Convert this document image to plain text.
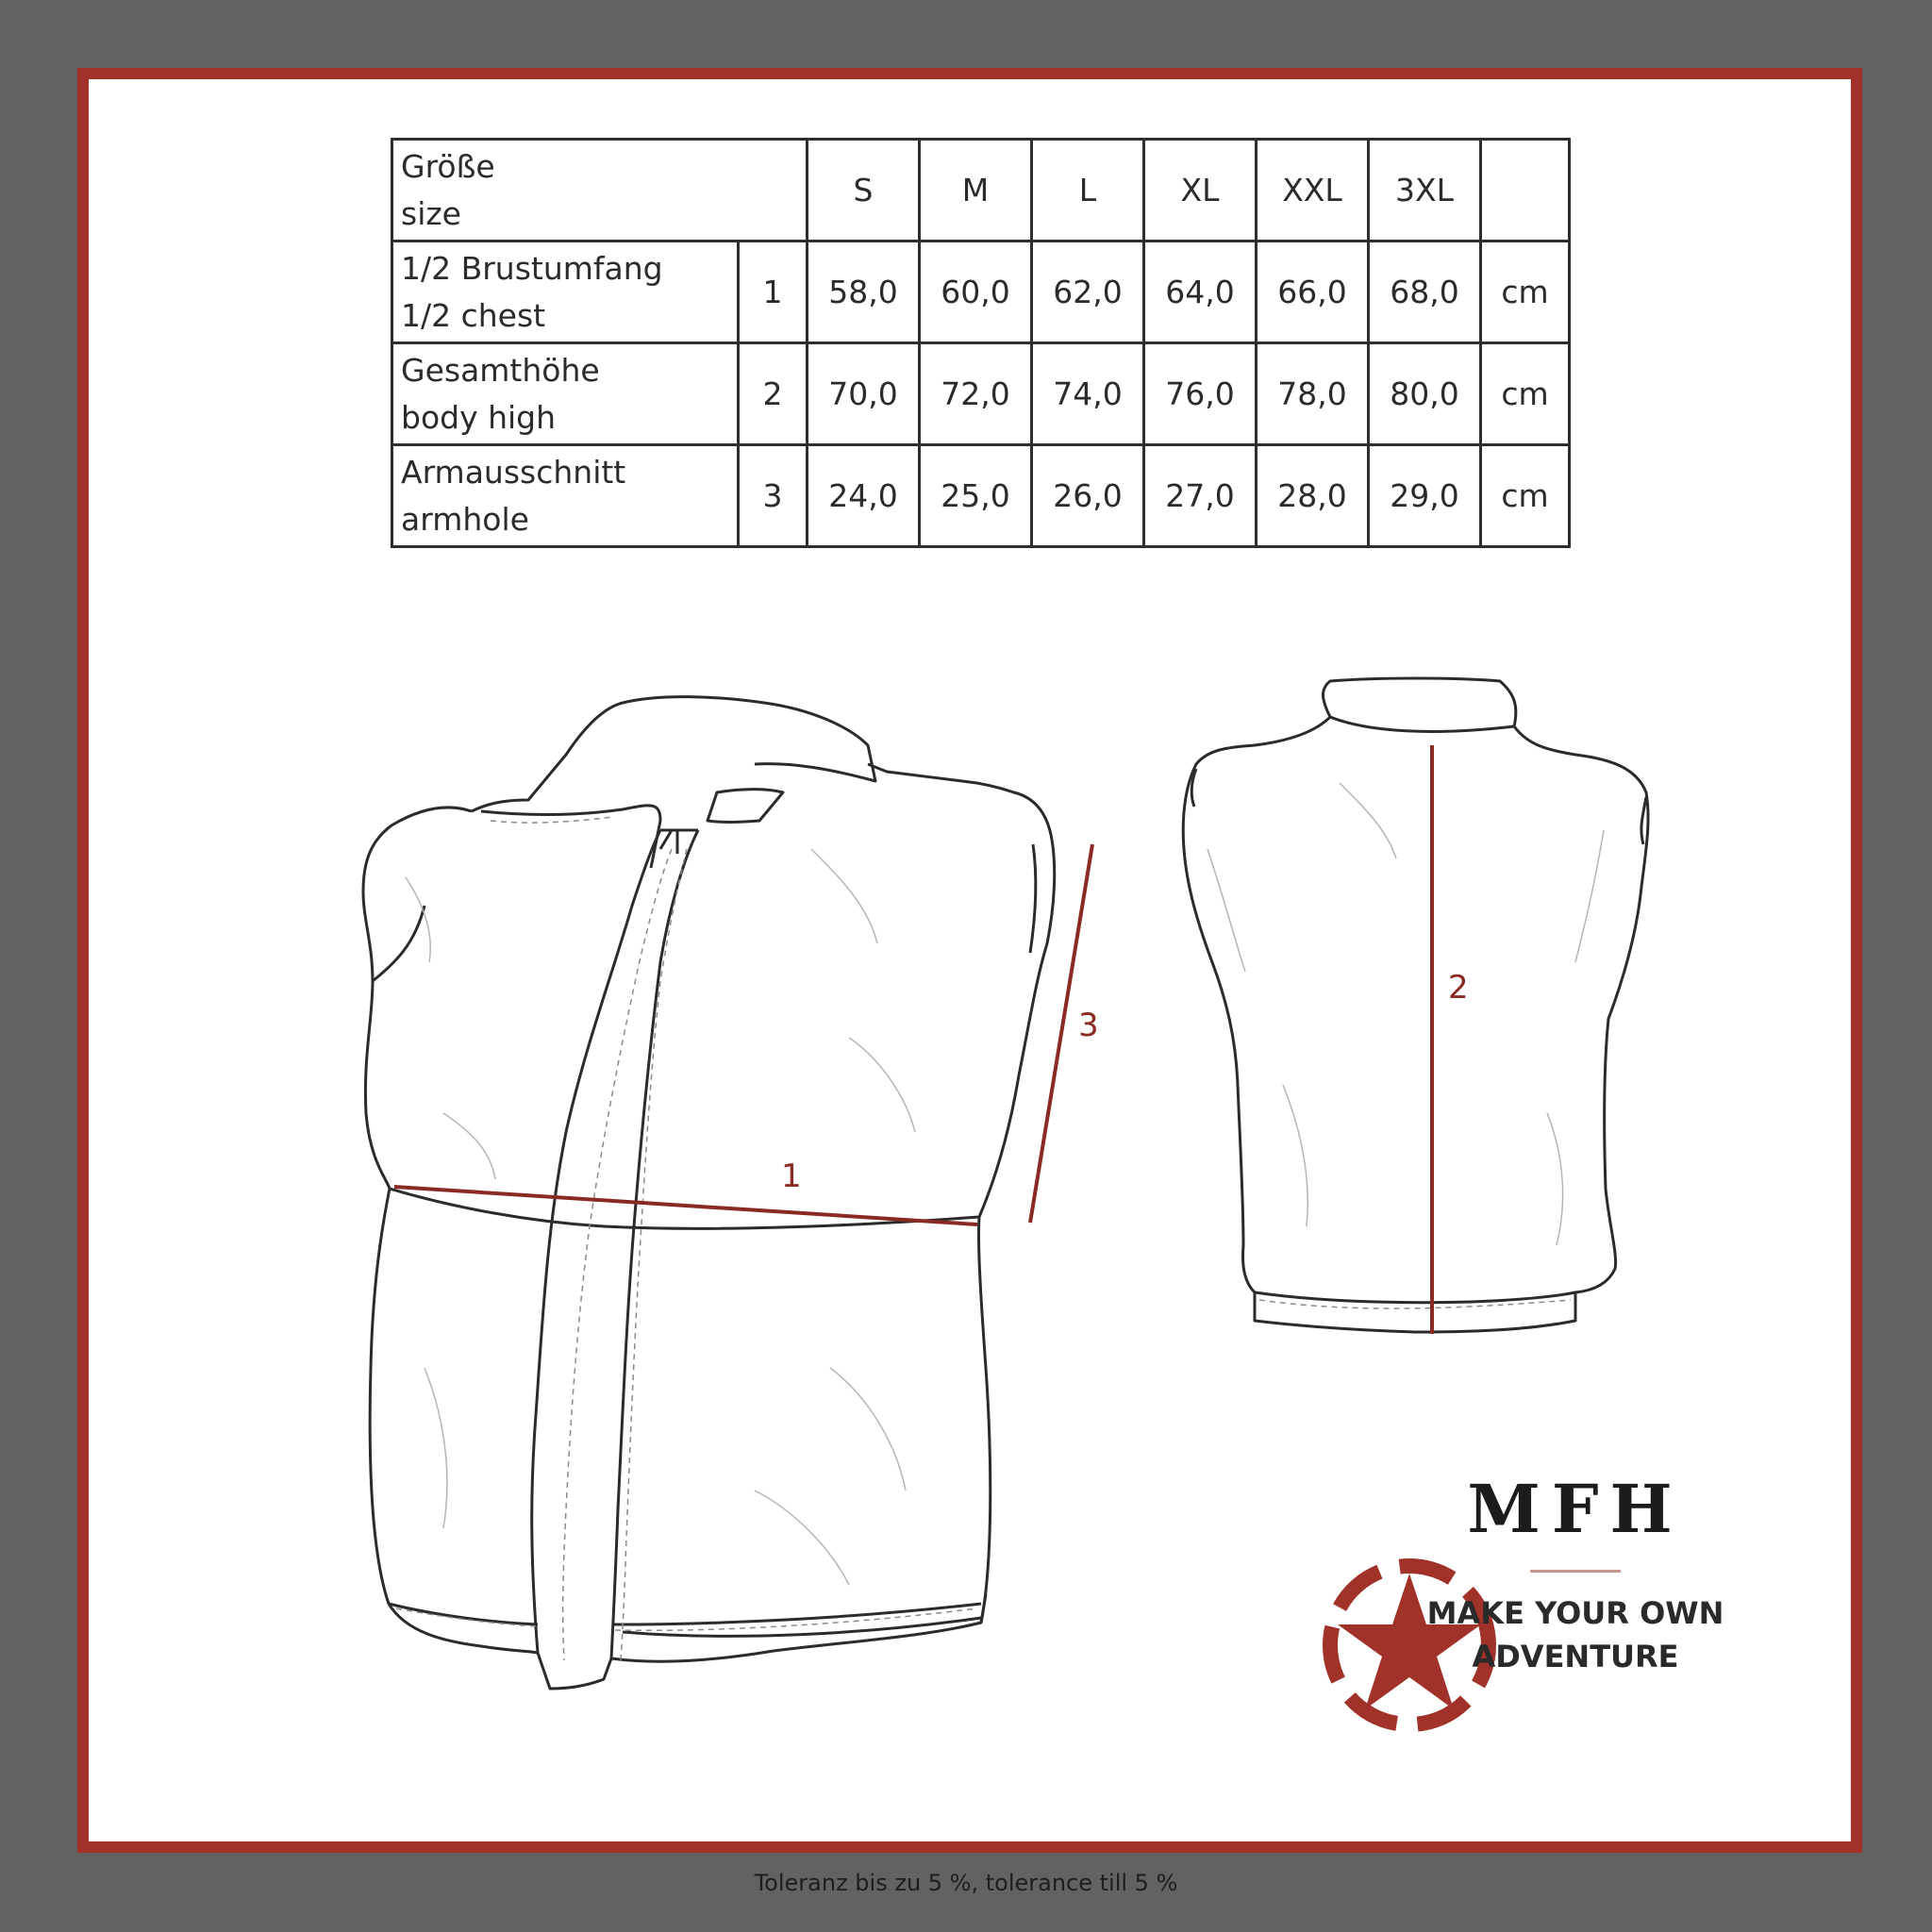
Größe
size		S	M	L	XL	XXL	3XL	

1/2 Brustumfang
1/2 chest	1	58,0	60,0	62,0	64,0	66,0	68,0	cm

Gesamthöhe
body high	2	70,0	72,0	74,0	76,0	78,0	80,0	cm

Armausschnitt
armhole	3	24,0	25,0	26,0	27,0	28,0	29,0	cm
1
2
3
MFH
MAKE YOUR OWN
ADVENTURE
Toleranz bis zu 5 %, tolerance till 5 %
